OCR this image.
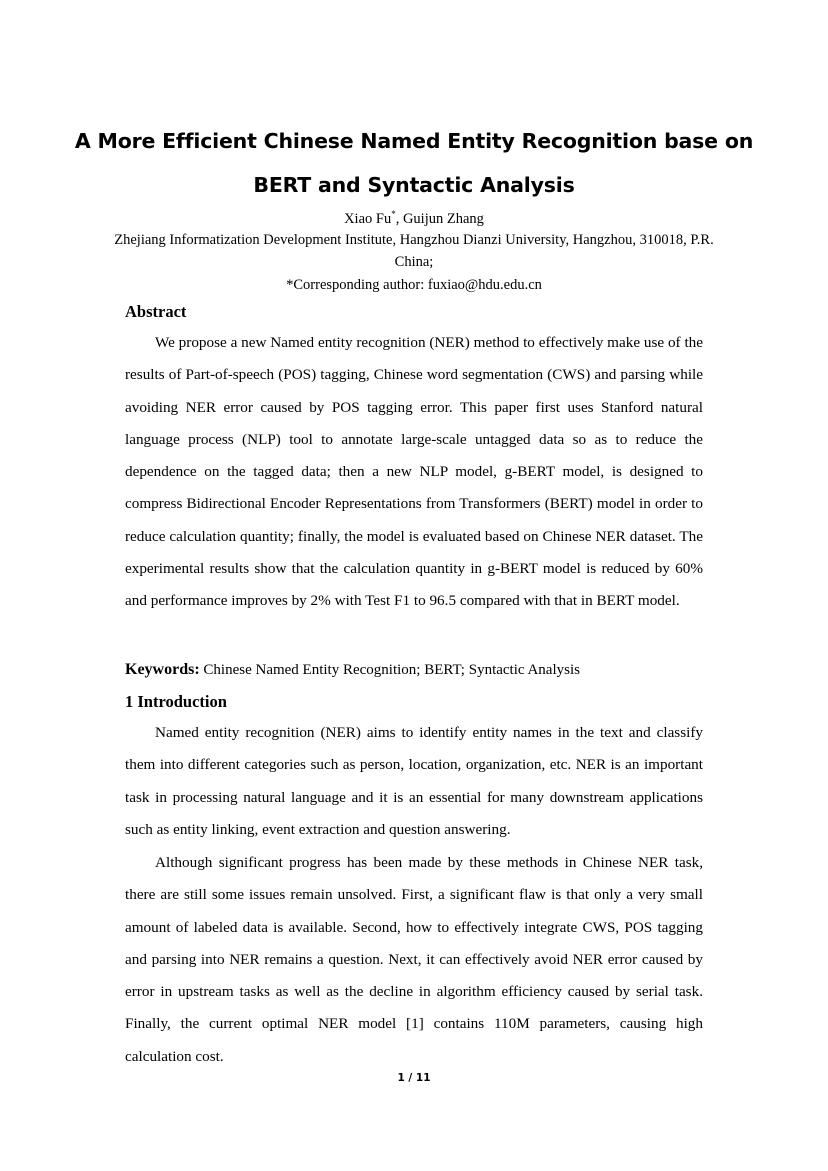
A More Efficient Chinese Named Entity Recognition base on BERT and Syntactic Analysis
Xiao Fu*, Guijun Zhang
Zhejiang Informatization Development Institute, Hangzhou Dianzi University, Hangzhou, 310018, P.R. China;
*Corresponding author: fuxiao@hdu.edu.cn
Abstract

We propose a new Named entity recognition (NER) method to effectively make use of the results of Part-of-speech (POS) tagging, Chinese word segmentation (CWS) and parsing while avoiding NER error caused by POS tagging error. This paper first uses Stanford natural language process (NLP) tool to annotate large-scale untagged data so as to reduce the dependence on the tagged data; then a new NLP model, g-BERT model, is designed to compress Bidirectional Encoder Representations from Transformers (BERT) model in order to reduce calculation quantity; finally, the model is evaluated based on Chinese NER dataset. The experimental results show that the calculation quantity in g-BERT model is reduced by 60% and performance improves by 2% with Test F1 to 96.5 compared with that in BERT model.

Keywords: Chinese Named Entity Recognition; BERT; Syntactic Analysis
1 Introduction

Named entity recognition (NER) aims to identify entity names in the text and classify them into different categories such as person, location, organization, etc. NER is an important task in processing natural language and it is an essential for many downstream applications such as entity linking, event extraction and question answering.

Although significant progress has been made by these methods in Chinese NER task, there are still some issues remain unsolved. First, a significant flaw is that only a very small amount of labeled data is available. Second, how to effectively integrate CWS, POS tagging and parsing into NER remains a question. Next, it can effectively avoid NER error caused by error in upstream tasks as well as the decline in algorithm efficiency caused by serial task. Finally, the current optimal NER model [1] contains 110M parameters, causing high calculation cost.

1 / 11
